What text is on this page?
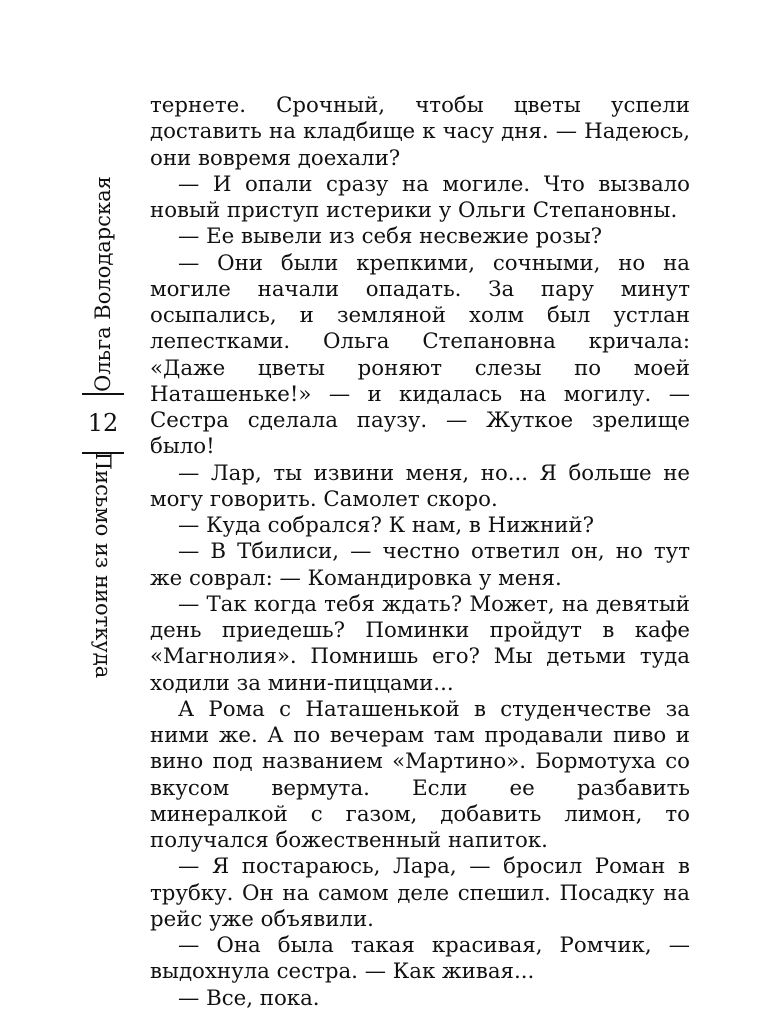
Ольга Володарская
12
Письмо из ниоткуда

тернете. Срочный, чтобы цветы успели доставить на кладбище к часу дня. — Надеюсь, они вовремя доехали?

— И опали сразу на могиле. Что вызвало новый приступ истерики у Ольги Степановны.

— Ее вывели из себя несвежие розы?

— Они были крепкими, сочными, но на могиле начали опадать. За пару минут осыпались, и земляной холм был устлан лепестками. Ольга Степановна кричала: «Даже цветы роняют слезы по моей Наташеньке!» — и кидалась на могилу. — Сестра сделала паузу. — Жуткое зрелище было!

— Лар, ты извини меня, но... Я больше не могу говорить. Самолет скоро.

— Куда собрался? К нам, в Нижний?

— В Тбилиси, — честно ответил он, но тут же соврал: — Командировка у меня.

— Так когда тебя ждать? Может, на девятый день приедешь? Поминки пройдут в кафе «Магнолия». Помнишь его? Мы детьми туда ходили за мини-пиццами...

А Рома с Наташенькой в студенчестве за ними же. А по вечерам там продавали пиво и вино под названием «Мартино». Бормотуха со вкусом вермута. Если ее разбавить минералкой с газом, добавить лимон, то получался божественный напиток.

— Я постараюсь, Лара, — бросил Роман в трубку. Он на самом деле спешил. Посадку на рейс уже объявили.

— Она была такая красивая, Ромчик, — выдохнула сестра. — Как живая...

— Все, пока.
